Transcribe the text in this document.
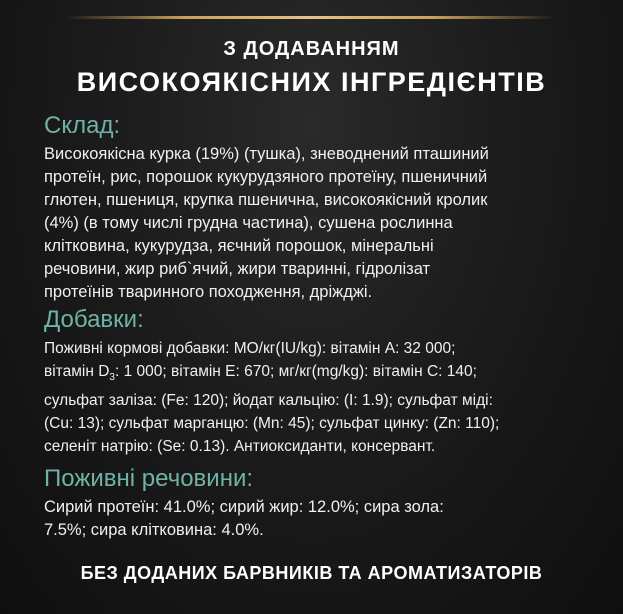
З ДОДАВАННЯМ
ВИСОКОЯКІСНИХ ІНГРЕДІЄНТІВ
Склад:
Високоякісна курка (19%) (тушка), зневоднений пташиний
протеїн, рис, порошок кукурудзяного протеїну, пшеничний
глютен, пшениця, крупка пшенична, високоякісний кролик
(4%) (в тому числі грудна частина), сушена рослинна
клітковина, кукурудза, яєчний порошок, мінеральні
речовини, жир риб`ячий, жири тваринні, гідролізат
протеїнів тваринного походження, дріжджі.
Добавки:
Поживні кормові добавки: МО/кг(IU/kg): вітамін А: 32 000;
вітамін $D_3$: 1 000; вітамін Е: 670; мг/кг(mg/kg): вітамін С: 140;
сульфат заліза: (Fe: 120); йодат кальцію: (I: 1.9); сульфат міді:
(Cu: 13); сульфат марганцю: (Mn: 45); сульфат цинку: (Zn: 110);
селеніт натрію: (Se: 0.13). Антиоксиданти, консервант.
Поживні речовини:
Сирий протеїн: 41.0%; сирий жир: 12.0%; сира зола:
7.5%; сира клітковина: 4.0%.
БЕЗ ДОДАНИХ БАРВНИКІВ ТА АРОМАТИЗАТОРІВ
